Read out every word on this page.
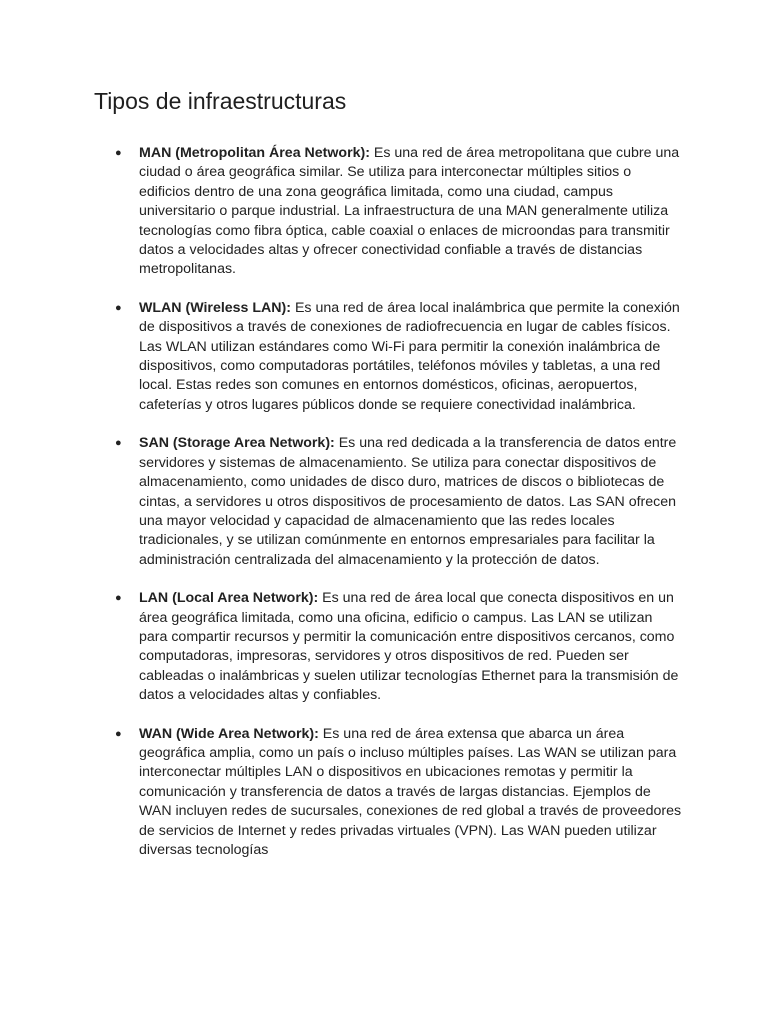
Tipos de infraestructuras
● MAN (Metropolitan Área Network): Es una red de área metropolitana que cubre una ciudad o área geográfica similar. Se utiliza para interconectar múltiples sitios o edificios dentro de una zona geográfica limitada, como una ciudad, campus universitario o parque industrial. La infraestructura de una MAN generalmente utiliza tecnologías como fibra óptica, cable coaxial o enlaces de microondas para transmitir datos a velocidades altas y ofrecer conectividad confiable a través de distancias metropolitanas.
● WLAN (Wireless LAN): Es una red de área local inalámbrica que permite la conexión de dispositivos a través de conexiones de radiofrecuencia en lugar de cables físicos. Las WLAN utilizan estándares como Wi-Fi para permitir la conexión inalámbrica de dispositivos, como computadoras portátiles, teléfonos móviles y tabletas, a una red local. Estas redes son comunes en entornos domésticos, oficinas, aeropuertos, cafeterías y otros lugares públicos donde se requiere conectividad inalámbrica.
● SAN (Storage Area Network): Es una red dedicada a la transferencia de datos entre servidores y sistemas de almacenamiento. Se utiliza para conectar dispositivos de almacenamiento, como unidades de disco duro, matrices de discos o bibliotecas de cintas, a servidores u otros dispositivos de procesamiento de datos. Las SAN ofrecen una mayor velocidad y capacidad de almacenamiento que las redes locales tradicionales, y se utilizan comúnmente en entornos empresariales para facilitar la administración centralizada del almacenamiento y la protección de datos.
● LAN (Local Area Network): Es una red de área local que conecta dispositivos en un área geográfica limitada, como una oficina, edificio o campus. Las LAN se utilizan para compartir recursos y permitir la comunicación entre dispositivos cercanos, como computadoras, impresoras, servidores y otros dispositivos de red. Pueden ser cableadas o inalámbricas y suelen utilizar tecnologías Ethernet para la transmisión de datos a velocidades altas y confiables.
● WAN (Wide Area Network): Es una red de área extensa que abarca un área geográfica amplia, como un país o incluso múltiples países. Las WAN se utilizan para interconectar múltiples LAN o dispositivos en ubicaciones remotas y permitir la comunicación y transferencia de datos a través de largas distancias. Ejemplos de WAN incluyen redes de sucursales, conexiones de red global a través de proveedores de servicios de Internet y redes privadas virtuales (VPN). Las WAN pueden utilizar diversas tecnologías
